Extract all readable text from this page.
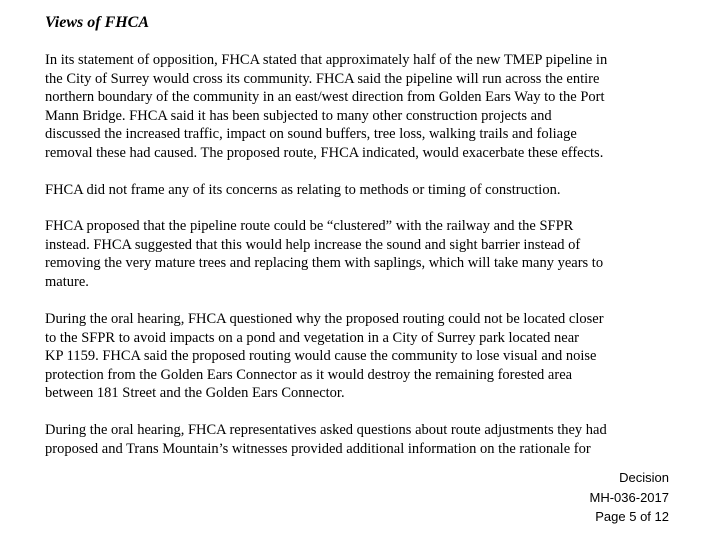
Views of FHCA

In its statement of opposition, FHCA stated that approximately half of the new TMEP pipeline in
the City of Surrey would cross its community. FHCA said the pipeline will run across the entire
northern boundary of the community in an east/west direction from Golden Ears Way to the Port
Mann Bridge. FHCA said it has been subjected to many other construction projects and
discussed the increased traffic, impact on sound buffers, tree loss, walking trails and foliage
removal these had caused. The proposed route, FHCA indicated, would exacerbate these effects.

FHCA did not frame any of its concerns as relating to methods or timing of construction.

FHCA proposed that the pipeline route could be “clustered” with the railway and the SFPR
instead. FHCA suggested that this would help increase the sound and sight barrier instead of
removing the very mature trees and replacing them with saplings, which will take many years to
mature.

During the oral hearing, FHCA questioned why the proposed routing could not be located closer
to the SFPR to avoid impacts on a pond and vegetation in a City of Surrey park located near
KP 1159. FHCA said the proposed routing would cause the community to lose visual and noise
protection from the Golden Ears Connector as it would destroy the remaining forested area
between 181 Street and the Golden Ears Connector.

During the oral hearing, FHCA representatives asked questions about route adjustments they had
proposed and Trans Mountain’s witnesses provided additional information on the rationale for

Decision
MH-036-2017
Page 5 of 12
